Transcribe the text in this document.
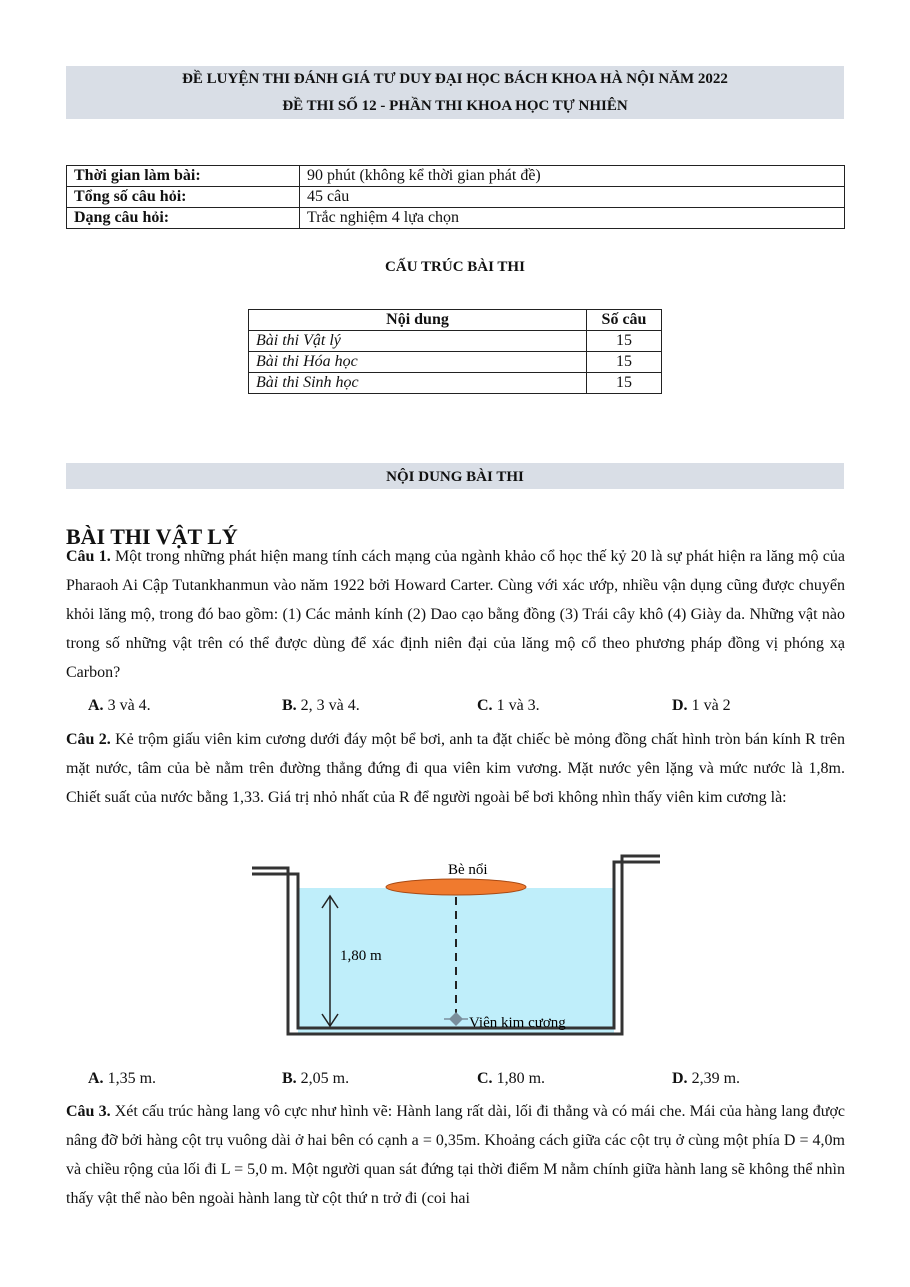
ĐỀ LUYỆN THI ĐÁNH GIÁ TƯ DUY ĐẠI HỌC BÁCH KHOA HÀ NỘI NĂM 2022
ĐỀ THI SỐ 12 - PHẦN THI KHOA HỌC TỰ NHIÊN
Thời gian làm bài:	90 phút (không kể thời gian phát đề)
Tổng số câu hỏi:	45 câu
Dạng câu hỏi:	Trắc nghiệm 4 lựa chọn
CẤU TRÚC BÀI THI
Nội dung	Số câu
Bài thi Vật lý	15
Bài thi Hóa học	15
Bài thi Sinh học	15
NỘI DUNG BÀI THI
BÀI THI VẬT LÝ
Câu 1. Một trong những phát hiện mang tính cách mạng của ngành khảo cổ học thế kỷ 20 là sự phát hiện ra lăng mộ của Pharaoh Ai Cập Tutankhanmun vào năm 1922 bởi Howard Carter. Cùng với xác ướp, nhiều vận dụng cũng được chuyển khỏi lăng mộ, trong đó bao gồm: (1) Các mảnh kính (2) Dao cạo bằng đồng (3) Trái cây khô (4) Giày da. Những vật nào trong số những vật trên có thể được dùng để xác định niên đại của lăng mộ cổ theo phương pháp đồng vị phóng xạ Carbon?
A. 3 và 4.	B. 2, 3 và 4.	C. 1 và 3.	D. 1 và 2
Câu 2. Kẻ trộm giấu viên kim cương dưới đáy một bể bơi, anh ta đặt chiếc bè mỏng đồng chất hình tròn bán kính R trên mặt nước, tâm của bè nằm trên đường thẳng đứng đi qua viên kim vương. Mặt nước yên lặng và mức nước là 1,8m. Chiết suất của nước bằng 1,33. Giá trị nhỏ nhất của R để người ngoài bể bơi không nhìn thấy viên kim cương là:
Bè nổi
1,80 m
Viên kim cương
A. 1,35 m.	B. 2,05 m.	C. 1,80 m.	D. 2,39 m.
Câu 3. Xét cấu trúc hàng lang vô cực như hình vẽ: Hành lang rất dài, lối đi thẳng và có mái che. Mái của hàng lang được nâng đỡ bởi hàng cột trụ vuông dài ở hai bên có cạnh a = 0,35m. Khoảng cách giữa các cột trụ ở cùng một phía D = 4,0m và chiều rộng của lối đi L = 5,0 m. Một người quan sát đứng tại thời điểm M nằm chính giữa hành lang sẽ không thể nhìn thấy vật thể nào bên ngoài hành lang từ cột thứ n trở đi (coi hai
